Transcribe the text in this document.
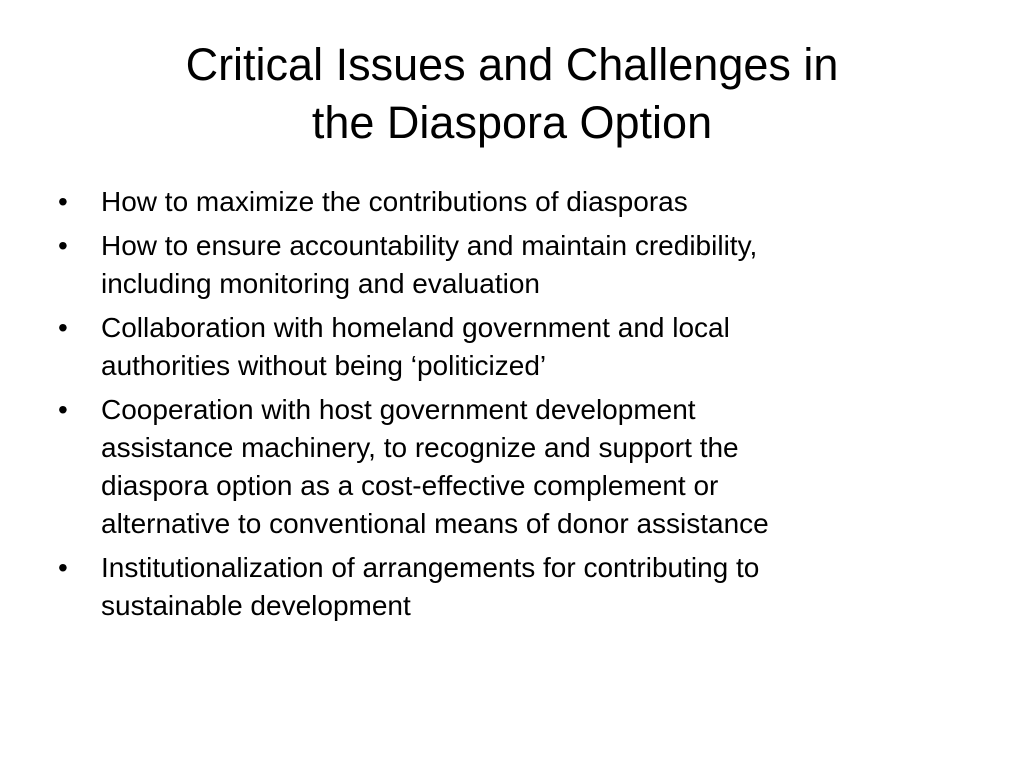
Critical Issues and Challenges in
the Diaspora Option
•	How to maximize the contributions of diasporas
•	How to ensure accountability and maintain credibility,
including monitoring and evaluation
•	Collaboration with homeland government and local
authorities without being ‘politicized’
•	Cooperation with host government development
assistance machinery, to recognize and support the
diaspora option as a cost-effective complement or
alternative to conventional means of donor assistance
•	Institutionalization of arrangements for contributing to
sustainable development
